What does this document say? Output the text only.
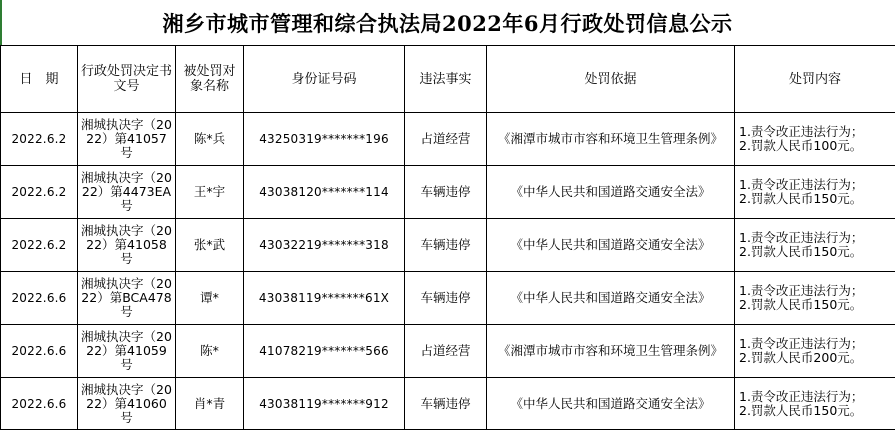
湘乡市城市管理和综合执法局2022年6月行政处罚信息公示
日　期	行政处罚决定书文号	被处罚对象名称	身份证号码	违法事实	处罚依据	处罚内容
2022.6.2	湘城执决字（2022）第41057号	陈*兵	43250319*******196	占道经营	《湘潭市城市市容和环境卫生管理条例》	1.责令改正违法行为；
2.罚款人民币100元。

2022.6.2	湘城执决字（2022）第4473EA号	王*宇	43038120*******114	车辆违停	《中华人民共和国道路交通安全法》	1.责令改正违法行为；
2.罚款人民币150元。

2022.6.2	湘城执决字（2022）第41058号	张*武	43032219*******318	车辆违停	《中华人民共和国道路交通安全法》	1.责令改正违法行为；
2.罚款人民币150元。

2022.6.6	湘城执决字（2022）第BCA478号	谭*	43038119*******61X	车辆违停	《中华人民共和国道路交通安全法》	1.责令改正违法行为；
2.罚款人民币150元。

2022.6.6	湘城执决字（2022）第41059号	陈*	41078219*******566	占道经营	《湘潭市城市市容和环境卫生管理条例》	1.责令改正违法行为；
2.罚款人民币200元。

2022.6.6	湘城执决字（2022）第41060号	肖*青	43038119*******912	车辆违停	《中华人民共和国道路交通安全法》	1.责令改正违法行为；
2.罚款人民币150元。
